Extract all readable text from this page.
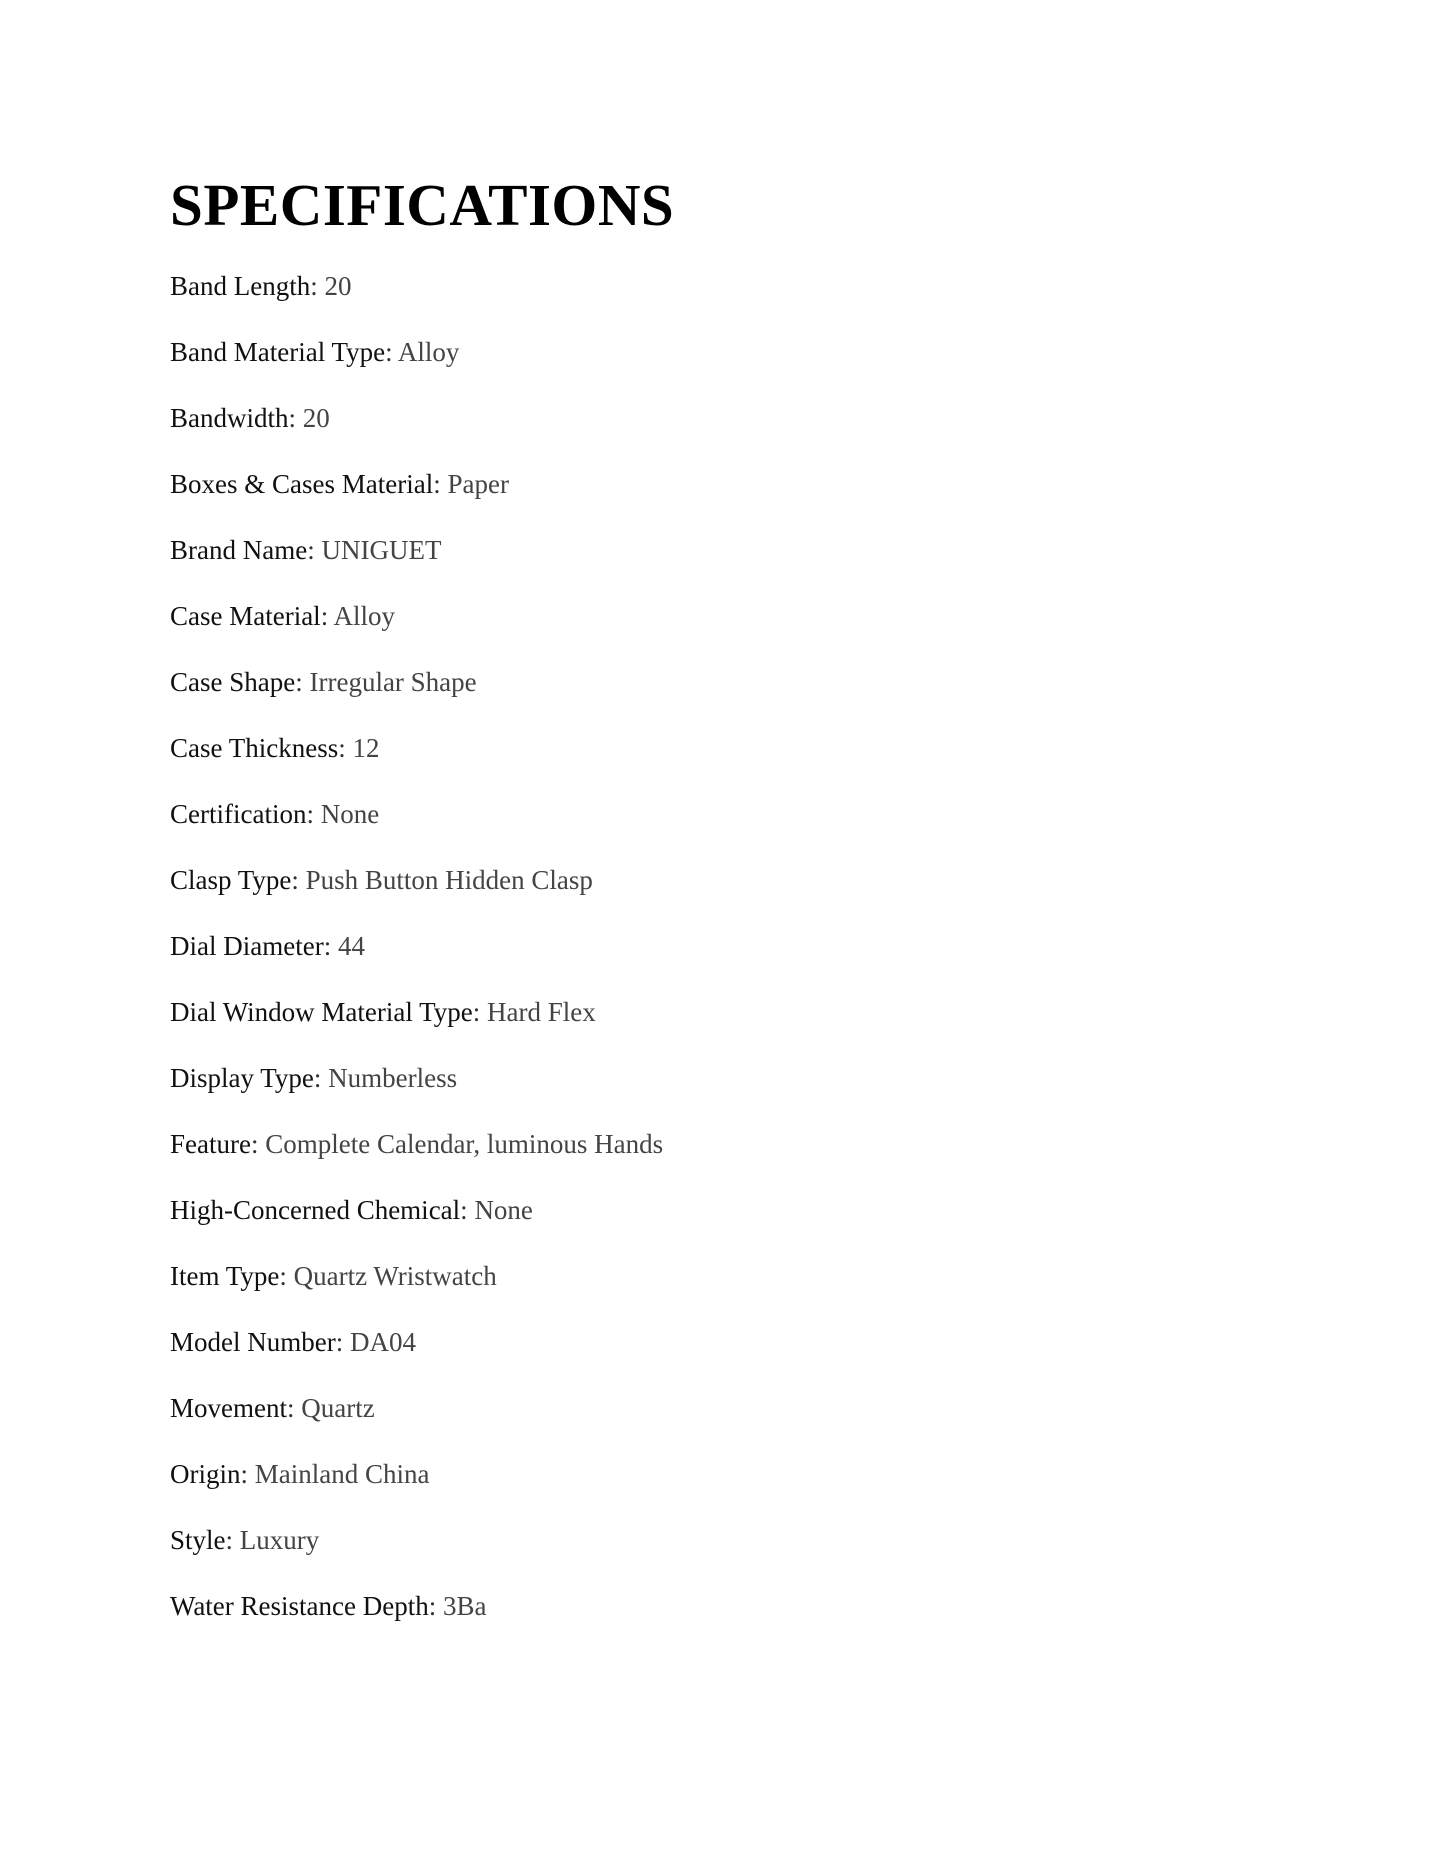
SPECIFICATIONS
Band Length: 20
Band Material Type: Alloy
Bandwidth: 20
Boxes & Cases Material: Paper
Brand Name: UNIGUET
Case Material: Alloy
Case Shape: Irregular Shape
Case Thickness: 12
Certification: None
Clasp Type: Push Button Hidden Clasp
Dial Diameter: 44
Dial Window Material Type: Hard Flex
Display Type: Numberless
Feature: Complete Calendar, luminous Hands
High-Concerned Chemical: None
Item Type: Quartz Wristwatch
Model Number: DA04
Movement: Quartz
Origin: Mainland China
Style: Luxury
Water Resistance Depth: 3Ba
